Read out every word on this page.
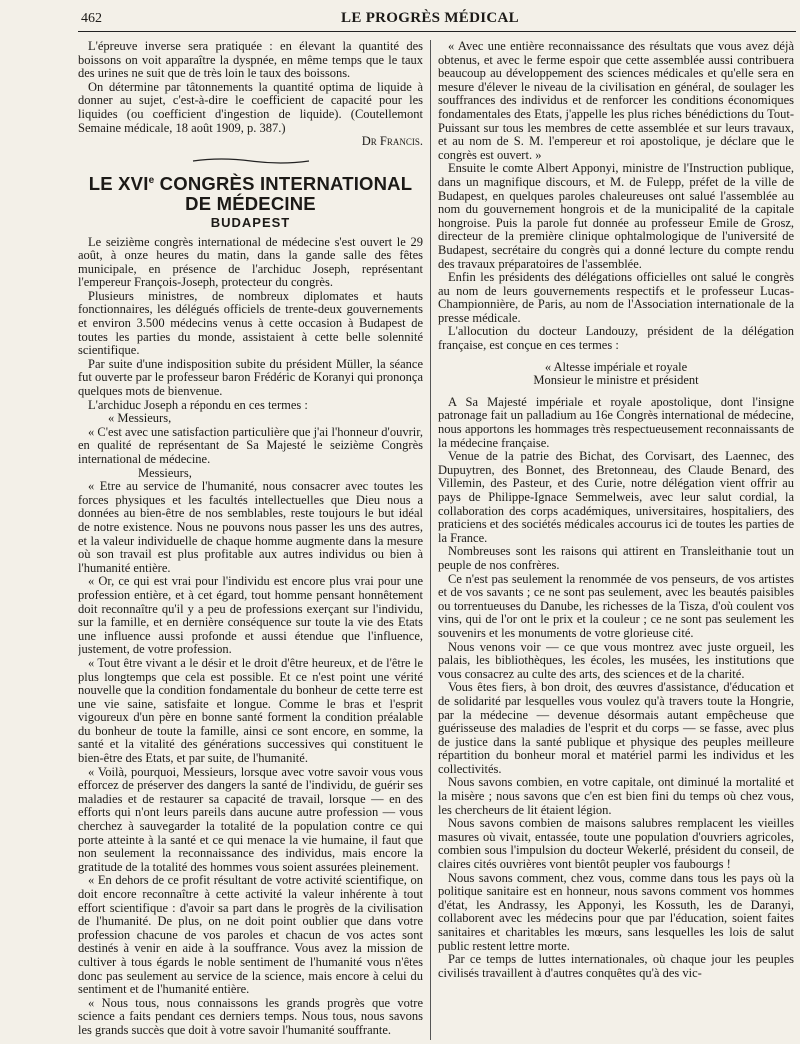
462	LE PROGRÈS MÉDICAL

L'épreuve inverse sera pratiquée : en élevant la quantité des boissons on voit apparaître la dyspnée, en même temps que le taux des urines ne suit que de très loin le taux des boissons.

On détermine par tâtonnements la quantité optima de liquide à donner au sujet, c'est-à-dire le coefficient de capacité pour les liquides (ou coefficient d'ingestion de liquide). (Coutellemont Semaine médicale, 18 août 1909, p. 387.)

Dr Francis.

LE XVIe CONGRÈS INTERNATIONAL DE MÉDECINE
BUDAPEST

Le seizième congrès international de médecine s'est ouvert le 29 août, à onze heures du matin, dans la gande salle des fêtes municipale, en présence de l'archiduc Joseph, représentant l'empereur François-Joseph, protecteur du congrès.

Plusieurs ministres, de nombreux diplomates et hauts fonctionnaires, les délégués officiels de trente-deux gouvernements et environ 3.500 médecins venus à cette occasion à Budapest de toutes les parties du monde, assistaient à cette belle solennité scientifique.

Par suite d'une indisposition subite du président Müller, la séance fut ouverte par le professeur baron Frédéric de Koranyi qui prononça quelques mots de bienvenue.

L'archiduc Joseph a répondu en ces termes :

« Messieurs,

« C'est avec une satisfaction particulière que j'ai l'honneur d'ouvrir, en qualité de représentant de Sa Majesté le seizième Congrès international de médecine.

Messieurs,

« Etre au service de l'humanité, nous consacrer avec toutes les forces physiques et les facultés intellectuelles que Dieu nous a données au bien-être de nos semblables, reste toujours le but idéal de notre existence. Nous ne pouvons nous passer les uns des autres, et la valeur individuelle de chaque homme augmente dans la mesure où son travail est plus profitable aux autres individus ou bien à l'humanité entière.

« Or, ce qui est vrai pour l'individu est encore plus vrai pour une profession entière, et à cet égard, tout homme pensant honnêtement doit reconnaître qu'il y a peu de professions exerçant sur l'individu, sur la famille, et en dernière conséquence sur toute la vie des Etats une influence aussi profonde et aussi étendue que l'influence, justement, de votre profession.

« Tout être vivant a le désir et le droit d'être heureux, et de l'être le plus longtemps que cela est possible. Et ce n'est point une vérité nouvelle que la condition fondamentale du bonheur de cette terre est une vie saine, satisfaite et longue. Comme le bras et l'esprit vigoureux d'un père en bonne santé forment la condition préalable du bonheur de toute la famille, ainsi ce sont encore, en somme, la santé et la vitalité des générations successives qui constituent le bien-être des Etats, et par suite, de l'humanité.

« Voilà, pourquoi, Messieurs, lorsque avec votre savoir vous vous efforcez de préserver des dangers la santé de l'individu, de guérir ses maladies et de restaurer sa capacité de travail, lorsque — en des efforts qui n'ont leurs pareils dans aucune autre profession — vous cherchez à sauvegarder la totalité de la population contre ce qui porte atteinte à la santé et ce qui menace la vie humaine, il faut que non seulement la reconnaissance des individus, mais encore la gratitude de la totalité des hommes vous soient assurées pleinement.

« En dehors de ce profit résultant de votre activité scientifique, on doit encore reconnaître à cette activité la valeur inhérente à tout effort scientifique : d'avoir sa part dans le progrès de la civilisation de l'humanité. De plus, on ne doit point oublier que dans votre profession chacune de vos paroles et chacun de vos actes sont destinés à venir en aide à la souffrance. Vous avez la mission de cultiver à tous égards le noble sentiment de l'humanité vous n'êtes donc pas seulement au service de la science, mais encore à celui du sentiment et de l'humanité entière.

« Nous tous, nous connaissons les grands progrès que votre science a faits pendant ces derniers temps. Nous tous, nous savons les grands succès que doit à votre savoir l'humanité souffrante.

« Avec une entière reconnaissance des résultats que vous avez déjà obtenus, et avec le ferme espoir que cette assemblée aussi contribuera beaucoup au développement des sciences médicales et qu'elle sera en mesure d'élever le niveau de la civilisation en général, de soulager les souffrances des individus et de renforcer les conditions économiques fondamentales des Etats, j'appelle les plus riches bénédictions du Tout-Puissant sur tous les membres de cette assemblée et sur leurs travaux, et au nom de S. M. l'empereur et roi apostolique, je déclare que le congrès est ouvert. »

Ensuite le comte Albert Apponyi, ministre de l'Instruction publique, dans un magnifique discours, et M. de Fulepp, préfet de la ville de Budapest, en quelques paroles chaleureuses ont salué l'assemblée au nom du gouvernement hongrois et de la municipalité de la capitale hongroise. Puis la parole fut donnée au professeur Emile de Grosz, directeur de la première clinique ophtalmologique de l'université de Budapest, secrétaire du congrès qui a donné lecture du compte rendu des travaux préparatoires de l'assemblée.

Enfin les présidents des délégations officielles ont salué le congrès au nom de leurs gouvernements respectifs et le professeur Lucas-Championnière, de Paris, au nom de l'Association internationale de la presse médicale.

L'allocution du docteur Landouzy, président de la délégation française, est conçue en ces termes :

« Altesse impériale et royale

Monsieur le ministre et président

A Sa Majesté impériale et royale apostolique, dont l'insigne patronage fait un palladium au 16e Congrès international de médecine, nous apportons les hommages très respectueusement reconnaissants de la médecine française.

Venue de la patrie des Bichat, des Corvisart, des Laennec, des Dupuytren, des Bonnet, des Bretonneau, des Claude Benard, des Villemin, des Pasteur, et des Curie, notre délégation vient offrir au pays de Philippe-Ignace Semmelweis, avec leur salut cordial, la collaboration des corps académiques, universitaires, hospitaliers, des praticiens et des sociétés médicales accourus ici de toutes les parties de la France.

Nombreuses sont les raisons qui attirent en Transleithanie tout un peuple de nos confrères.

Ce n'est pas seulement la renommée de vos penseurs, de vos artistes et de vos savants ; ce ne sont pas seulement, avec les beautés paisibles ou torrentueuses du Danube, les richesses de la Tisza, d'où coulent vos vins, qui de l'or ont le prix et la couleur ; ce ne sont pas seulement les souvenirs et les monuments de votre glorieuse cité.

Nous venons voir — ce que vous montrez avec juste orgueil, les palais, les bibliothèques, les écoles, les musées, les institutions que vous consacrez au culte des arts, des sciences et de la charité.

Vous êtes fiers, à bon droit, des œuvres d'assistance, d'éducation et de solidarité par lesquelles vous voulez qu'à travers toute la Hongrie, par la médecine — devenue désormais autant empêcheuse que guérisseuse des maladies de l'esprit et du corps — se fasse, avec plus de justice dans la santé publique et physique des peuples meilleure répartition du bonheur moral et matériel parmi les individus et les collectivités.

Nous savons combien, en votre capitale, ont diminué la mortalité et la misère ; nous savons que c'en est bien fini du temps où chez vous, les chercheurs de lit étaient légion.

Nous savons combien de maisons salubres remplacent les vieilles masures où vivait, entassée, toute une population d'ouvriers agricoles, combien sous l'impulsion du docteur Wekerlé, président du conseil, de claires cités ouvrières vont bientôt peupler vos faubourgs !

Nous savons comment, chez vous, comme dans tous les pays où la politique sanitaire est en honneur, nous savons comment vos hommes d'état, les Andrassy, les Apponyi, les Kossuth, les de Daranyi, collaborent avec les médecins pour que par l'éducation, soient faites sanitaires et charitables les mœurs, sans lesquelles les lois de salut public restent lettre morte.

Par ce temps de luttes internationales, où chaque jour les peuples civilisés travaillent à d'autres conquêtes qu'à des vic-
